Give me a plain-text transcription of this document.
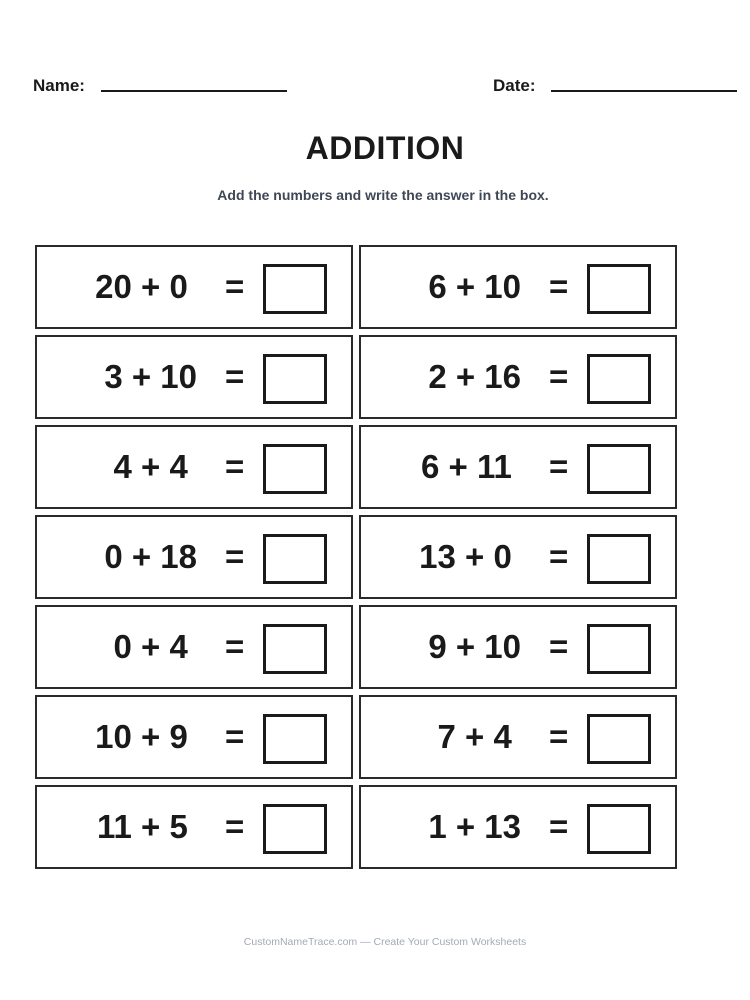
Name:	Date:
ADDITION
Add the numbers and write the answer in the box.
20 + 0 =	6 + 10 =
3 + 10 =	2 + 16 =
4 + 4 =	6 + 11 =
0 + 18 =	13 + 0 =
0 + 4 =	9 + 10 =
10 + 9 =	7 + 4 =
11 + 5 =	1 + 13 =
CustomNameTrace.com — Create Your Custom Worksheets
